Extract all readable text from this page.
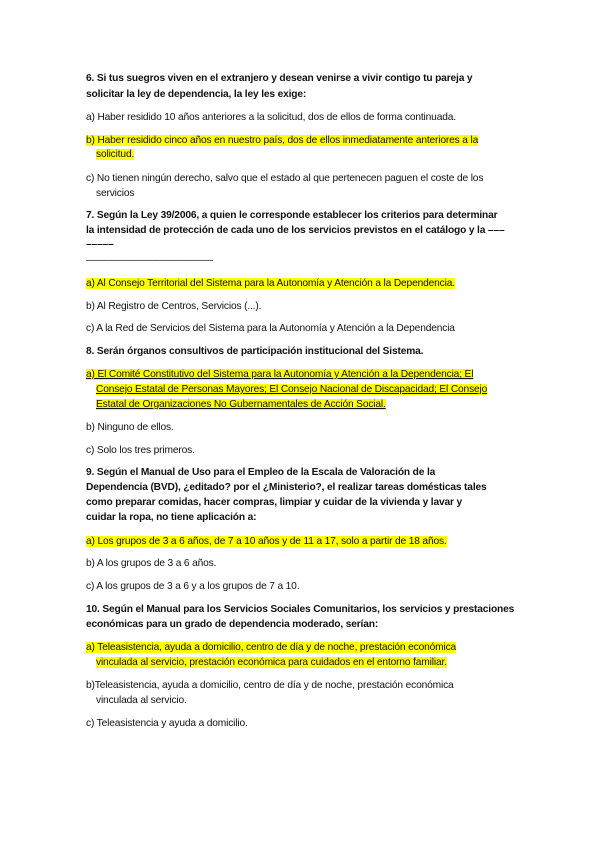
6. Si tus suegros viven en el extranjero y desean venirse a vivir contigo tu pareja y
solicitar la ley de dependencia, la ley les exige:
a) Haber residido 10 años anteriores a la solicitud, dos de ellos de forma continuada.
b) Haber residido cinco años en nuestro país, dos de ellos inmediatamente anteriores a la
solicitud.
c) No tienen ningún derecho, salvo que el estado al que pertenecen paguen el coste de los
servicios
7. Según la Ley 39/2006, a quien le corresponde establecer los criterios para determinar
la intensidad de protección de cada uno de los servicios previstos en el catálogo y la –––
–––––
–––––––––––––––––––––––
a) Al Consejo Territorial del Sistema para la Autonomía y Atención a la Dependencia.
b) Al Registro de Centros, Servicios (...).
c) A la Red de Servicios del Sistema para la Autonomía y Atención a la Dependencia
8. Serán órganos consultivos de participación institucional del Sistema.
a) El Comité Constitutivo del Sistema para la Autonomía y Atención a la Dependencia; El
Consejo Estatal de Personas Mayores; El Consejo Nacional de Discapacidad; El Consejo
Estatal de Organizaciones No Gubernamentales de Acción Social.
b) Ninguno de ellos.
c) Solo los tres primeros.
9. Según el Manual de Uso para el Empleo de la Escala de Valoración de la
Dependencia (BVD), ¿editado? por el ¿Ministerio?, el realizar tareas domésticas tales
como preparar comidas, hacer compras, limpiar y cuidar de la vivienda y lavar y
cuidar la ropa, no tiene aplicación a:
a) Los grupos de 3 a 6 años, de 7 a 10 años y de 11 a 17, solo a partir de 18 años.
b) A los grupos de 3 a 6 años.
c) A los grupos de 3 a 6 y a los grupos de 7 a 10.
10. Según el Manual para los Servicios Sociales Comunitarios, los servicios y prestaciones
económicas para un grado de dependencia moderado, serían:
a) Teleasistencia, ayuda a domicilio, centro de día y de noche, prestación económica
vinculada al servicio, prestación económica para cuidados en el entorno familiar.
b)Teleasistencia, ayuda a domicilio, centro de día y de noche, prestación económica
vinculada al servicio.
c) Teleasistencia y ayuda a domicilio.
